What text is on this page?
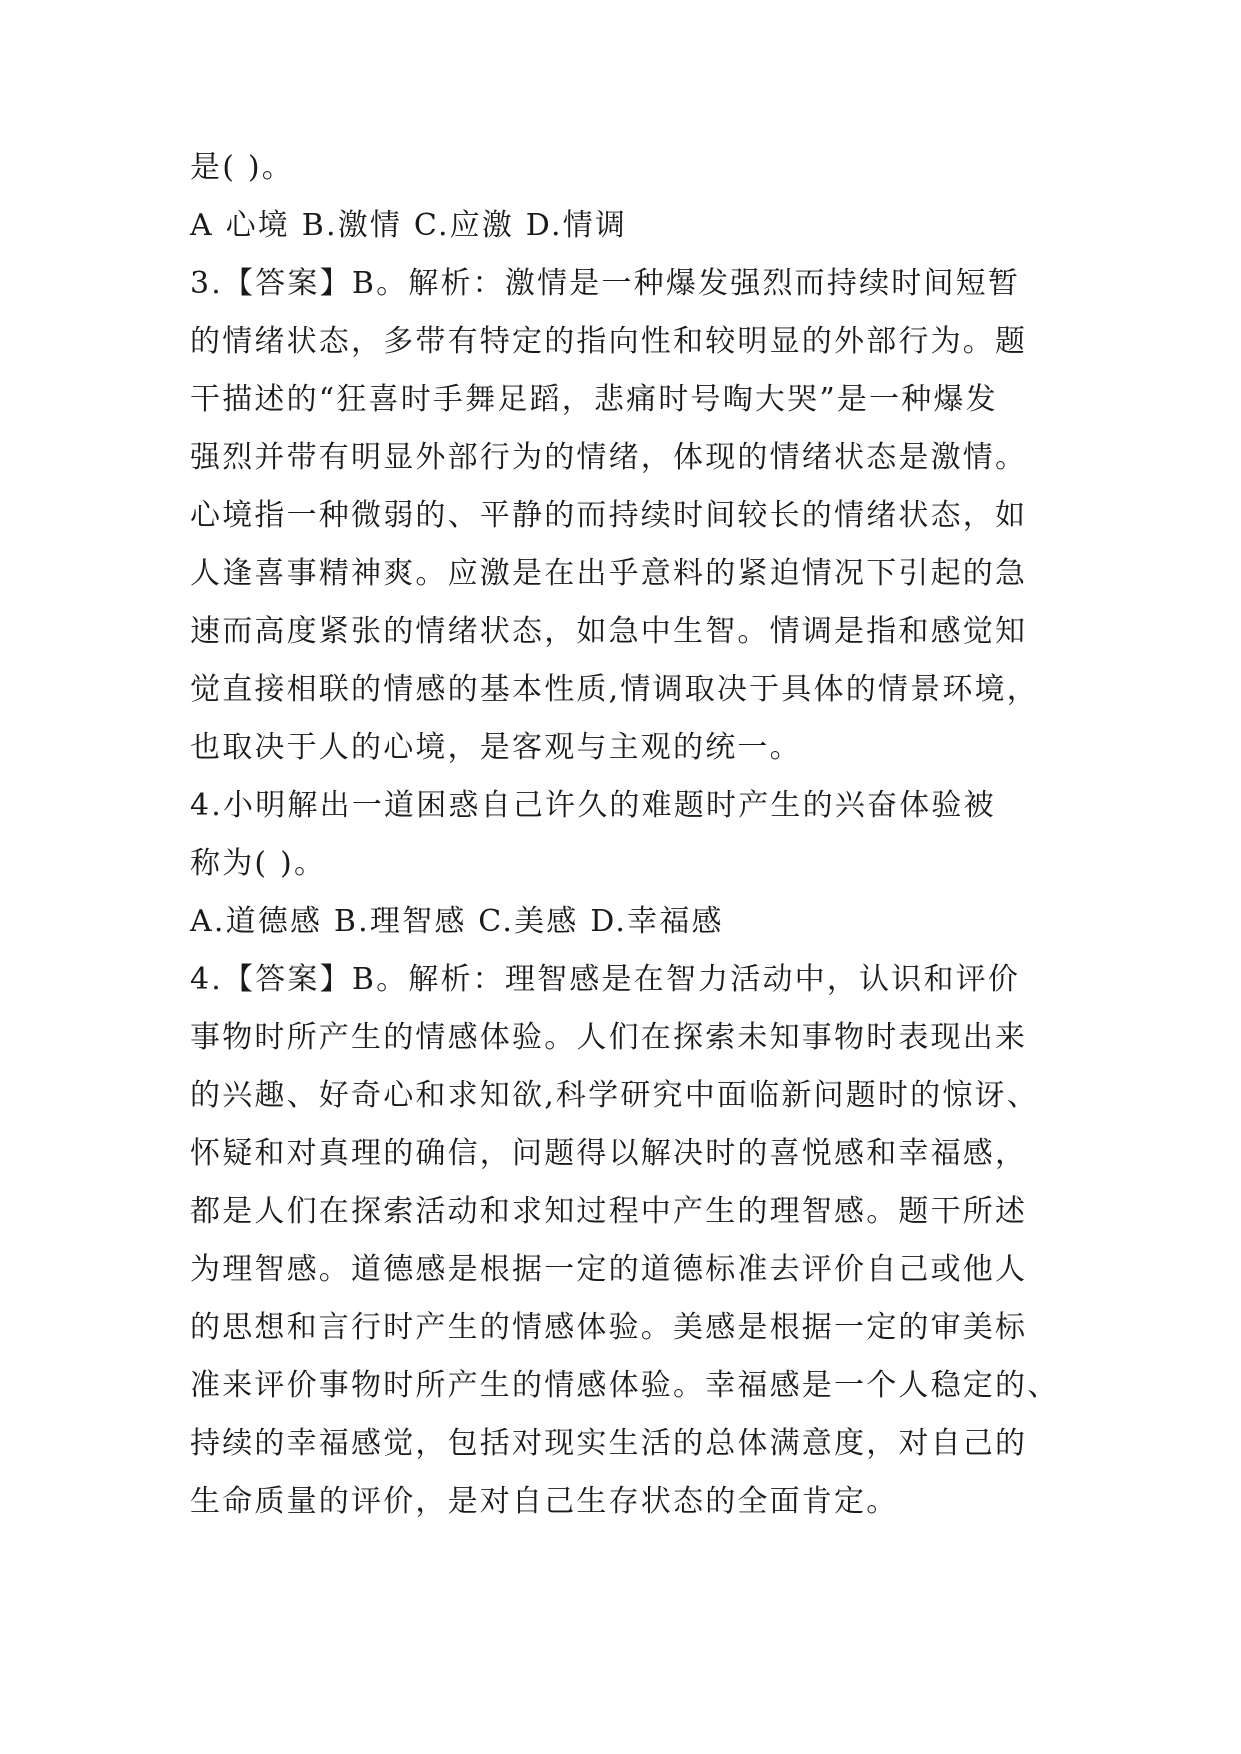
是( )。
A 心境 B.激情 C.应激 D.情调
3.【答案】B。解析：激情是一种爆发强烈而持续时间短暂
的情绪状态，多带有特定的指向性和较明显的外部行为。题
干描述的“狂喜时手舞足蹈，悲痛时号啕大哭”是一种爆发
强烈并带有明显外部行为的情绪，体现的情绪状态是激情。
心境指一种微弱的、平静的而持续时间较长的情绪状态，如
人逢喜事精神爽。应激是在出乎意料的紧迫情况下引起的急
速而高度紧张的情绪状态，如急中生智。情调是指和感觉知
觉直接相联的情感的基本性质,情调取决于具体的情景环境，
也取决于人的心境，是客观与主观的统一。
4.小明解出一道困惑自己许久的难题时产生的兴奋体验被
称为( )。
A.道德感 B.理智感 C.美感 D.幸福感
4.【答案】B。解析：理智感是在智力活动中，认识和评价
事物时所产生的情感体验。人们在探索未知事物时表现出来
的兴趣、好奇心和求知欲,科学研究中面临新问题时的惊讶、
怀疑和对真理的确信，问题得以解决时的喜悦感和幸福感，
都是人们在探索活动和求知过程中产生的理智感。题干所述
为理智感。道德感是根据一定的道德标准去评价自己或他人
的思想和言行时产生的情感体验。美感是根据一定的审美标
准来评价事物时所产生的情感体验。幸福感是一个人稳定的、
持续的幸福感觉，包括对现实生活的总体满意度，对自己的
生命质量的评价，是对自己生存状态的全面肯定。
